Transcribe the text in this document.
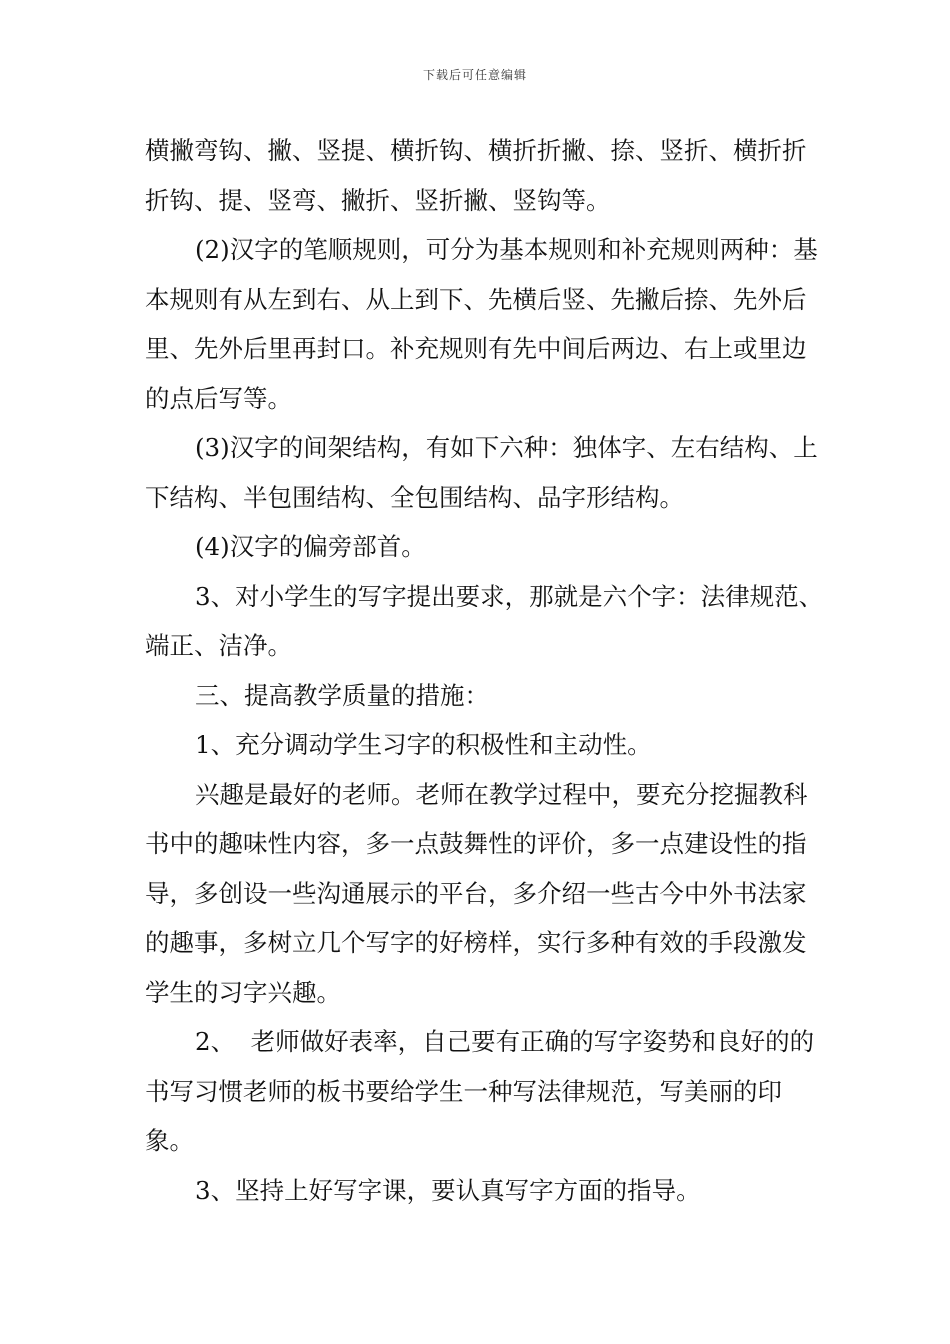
下载后可任意编辑

横撇弯钩、撇、竖提、横折钩、横折折撇、捺、竖折、横折折折钩、提、竖弯、撇折、竖折撇、竖钩等。

(2)汉字的笔顺规则，可分为基本规则和补充规则两种：基本规则有从左到右、从上到下、先横后竖、先撇后捺、先外后里、先外后里再封口。补充规则有先中间后两边、右上或里边的点后写等。

(3)汉字的间架结构，有如下六种：独体字、左右结构、上下结构、半包围结构、全包围结构、品字形结构。

(4)汉字的偏旁部首。

3、对小学生的写字提出要求，那就是六个字：法律规范、端正、洁净。

三、提高教学质量的措施：

1、充分调动学生习字的积极性和主动性。

兴趣是最好的老师。老师在教学过程中，要充分挖掘教科书中的趣味性内容，多一点鼓舞性的评价，多一点建设性的指导，多创设一些沟通展示的平台，多介绍一些古今中外书法家的趣事，多树立几个写字的好榜样，实行多种有效的手段激发学生的习字兴趣。

2、  老师做好表率，自己要有正确的写字姿势和良好的的书写习惯老师的板书要给学生一种写法律规范，写美丽的印象。

3、坚持上好写字课，要认真写字方面的指导。
